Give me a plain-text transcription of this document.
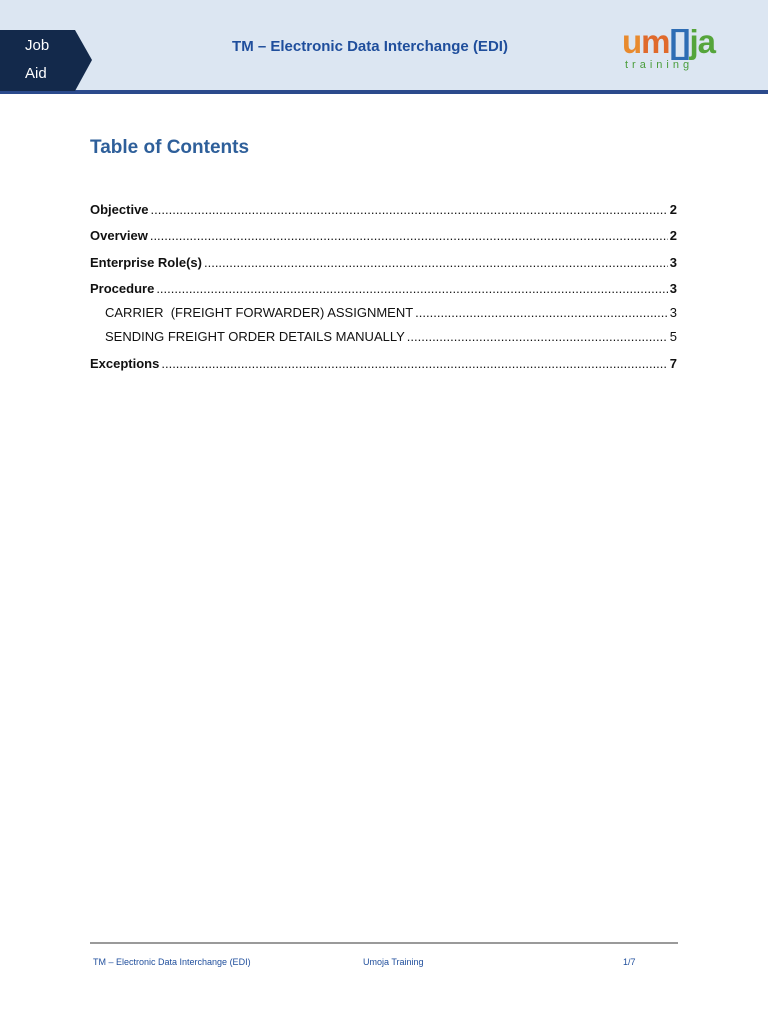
Job
Aid
TM – Electronic Data Interchange (EDI)	um[]ja
training
Table of Contents
Objective .....	2
Overview .....	2
Enterprise Role(s) .....	3
Procedure .....	3
CARRIER  (FREIGHT FORWARDER) ASSIGNMENT .....	3
SENDING FREIGHT ORDER DETAILS MANUALLY .....	5
Exceptions .....	7
TM – Electronic Data Interchange (EDI)	Umoja Training	1/7
